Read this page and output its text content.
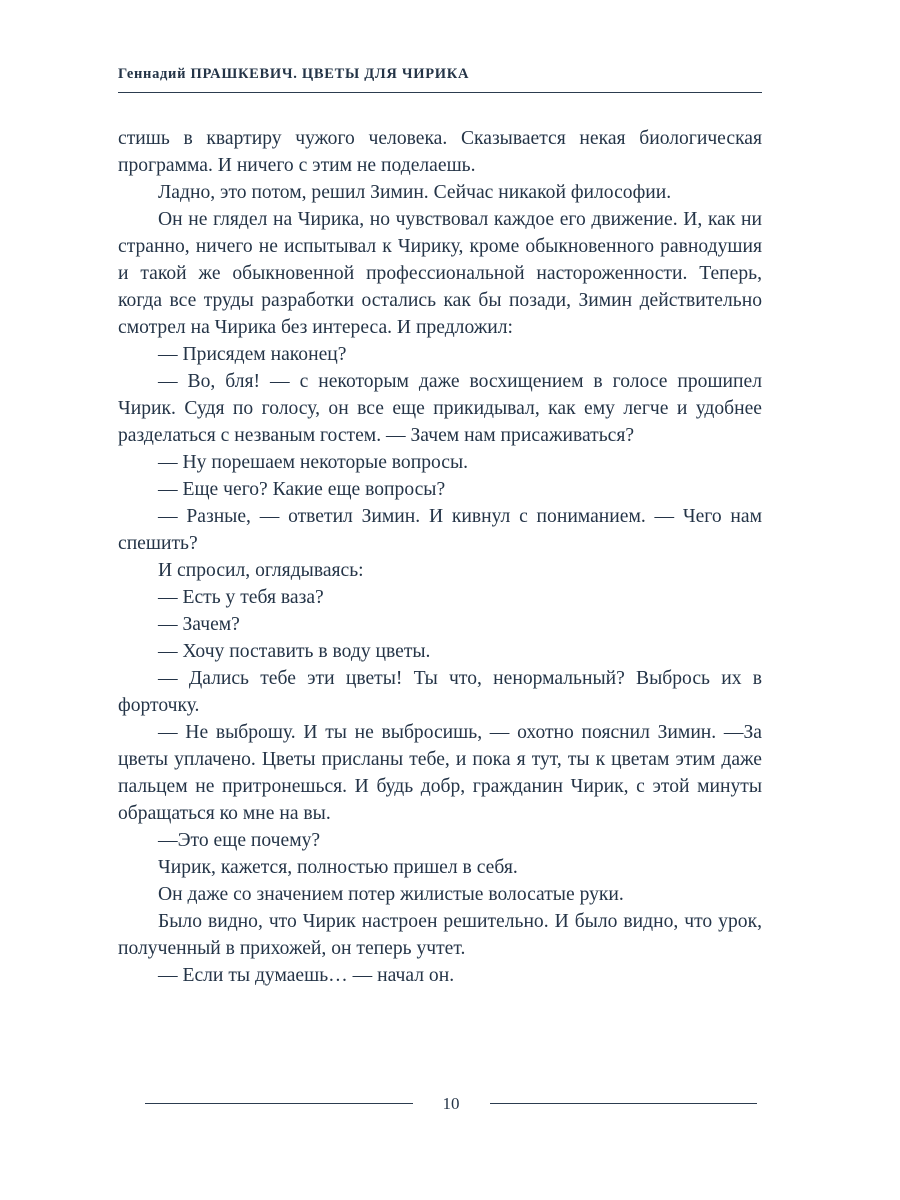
Геннадий ПРАШКЕВИЧ. ЦВЕТЫ ДЛЯ ЧИРИКА

стишь в квартиру чужого человека. Сказывается некая биологическая программа. И ничего с этим не поделаешь.

Ладно, это потом, решил Зимин. Сейчас никакой философии.

Он не глядел на Чирика, но чувствовал каждое его движение. И, как ни странно, ничего не испытывал к Чирику, кроме обыкновенного равнодушия и такой же обыкновенной профессиональной настороженности. Теперь, когда все труды разработки остались как бы позади, Зимин действительно смотрел на Чирика без интереса. И предложил:

— Присядем наконец?

— Во, бля! — с некоторым даже восхищением в голосе прошипел Чирик. Судя по голосу, он все еще прикидывал, как ему легче и удобнее разделаться с незваным гостем. — Зачем нам присаживаться?

— Ну порешаем некоторые вопросы.

— Еще чего? Какие еще вопросы?

— Разные, — ответил Зимин. И кивнул с пониманием. — Чего нам спешить?

И спросил, оглядываясь:

— Есть у тебя ваза?

— Зачем?

— Хочу поставить в воду цветы.

— Дались тебе эти цветы! Ты что, ненормальный? Выбрось их в форточку.

— Не выброшу. И ты не выбросишь, — охотно пояснил Зимин. —За цветы уплачено. Цветы присланы тебе, и пока я тут, ты к цветам этим даже пальцем не притронешься. И будь добр, гражданин Чирик, с этой минуты обращаться ко мне на вы.

—Это еще почему?

Чирик, кажется, полностью пришел в себя.

Он даже со значением потер жилистые волосатые руки.

Было видно, что Чирик настроен решительно. И было видно, что урок, полученный в прихожей, он теперь учтет.

— Если ты думаешь… — начал он.

10
